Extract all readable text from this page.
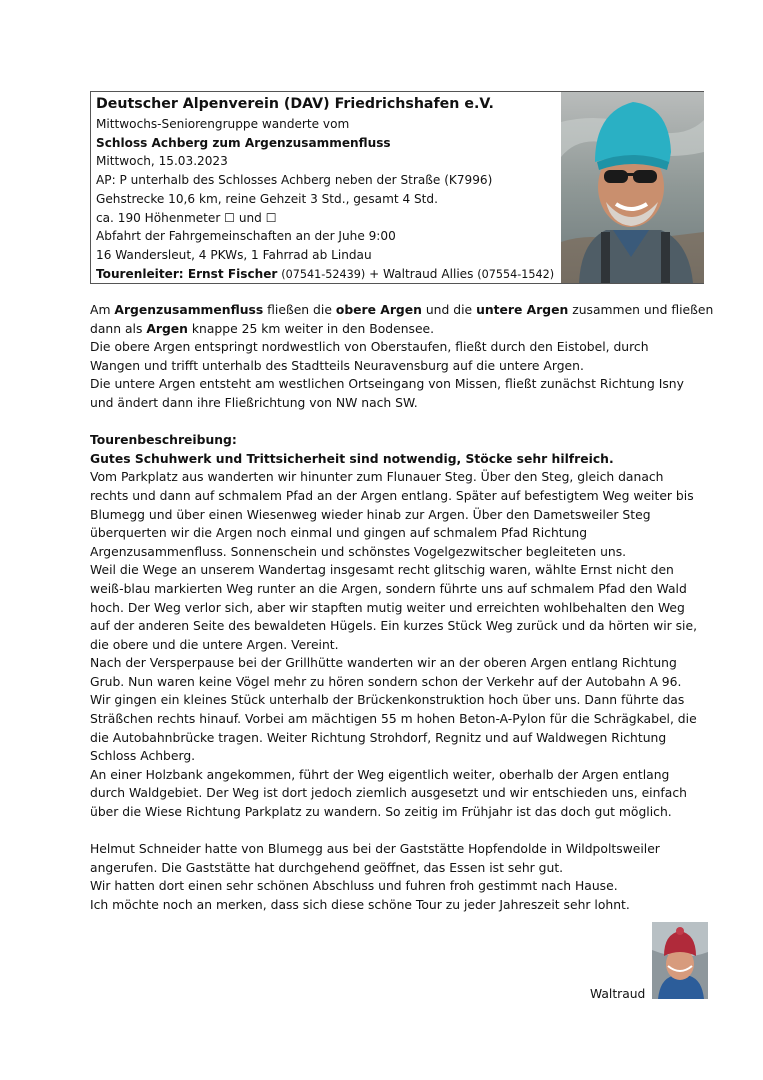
Deutscher Alpenverein (DAV) Friedrichshafen e.V.
Mittwochs-Seniorengruppe wanderte vom
Schloss Achberg zum Argenzusammenfluss
Mittwoch, 15.03.2023
AP: P unterhalb des Schlosses Achberg neben der Straße (K7996)
Gehstrecke 10,6 km, reine Gehzeit 3 Std., gesamt 4 Std.
ca. 190 Höhenmeter ☐ und ☐
Abfahrt der Fahrgemeinschaften an der Juhe 9:00
16 Wandersleut, 4 PKWs, 1 Fahrrad ab Lindau
Tourenleiter: Ernst Fischer (07541-52439) + Waltraud Allies (07554-1542)
Am Argenzusammenfluss fließen die obere Argen und die untere Argen zusammen und fließen
dann als Argen knappe 25 km weiter in den Bodensee.
Die obere Argen entspringt nordwestlich von Oberstaufen, fließt durch den Eistobel, durch
Wangen und trifft unterhalb des Stadtteils Neuravensburg auf die untere Argen.
Die untere Argen entsteht am westlichen Ortseingang von Missen, fließt zunächst Richtung Isny
und ändert dann ihre Fließrichtung von NW nach SW.
Tourenbeschreibung:
Gutes Schuhwerk und Trittsicherheit sind notwendig, Stöcke sehr hilfreich.
Vom Parkplatz aus wanderten wir hinunter zum Flunauer Steg. Über den Steg, gleich danach
rechts und dann auf schmalem Pfad an der Argen entlang. Später auf befestigtem Weg weiter bis
Blumegg und über einen Wiesenweg wieder hinab zur Argen. Über den Dametsweiler Steg
überquerten wir die Argen noch einmal und gingen auf schmalem Pfad Richtung
Argenzusammenfluss. Sonnenschein und schönstes Vogelgezwitscher begleiteten uns.
Weil die Wege an unserem Wandertag insgesamt recht glitschig waren, wählte Ernst nicht den
weiß-blau markierten Weg runter an die Argen, sondern führte uns auf schmalem Pfad den Wald
hoch. Der Weg verlor sich, aber wir stapften mutig weiter und erreichten wohlbehalten den Weg
auf der anderen Seite des bewaldeten Hügels. Ein kurzes Stück Weg zurück und da hörten wir sie,
die obere und die untere Argen. Vereint.
Nach der Versperpause bei der Grillhütte wanderten wir an der oberen Argen entlang Richtung
Grub. Nun waren keine Vögel mehr zu hören sondern schon der Verkehr auf der Autobahn A 96.
Wir gingen ein kleines Stück unterhalb der Brückenkonstruktion hoch über uns. Dann führte das
Sträßchen rechts hinauf. Vorbei am mächtigen 55 m hohen Beton-A-Pylon für die Schrägkabel, die
die Autobahnbrücke tragen. Weiter Richtung Strohdorf, Regnitz und auf Waldwegen Richtung
Schloss Achberg.
An einer Holzbank angekommen, führt der Weg eigentlich weiter, oberhalb der Argen entlang
durch Waldgebiet. Der Weg ist dort jedoch ziemlich ausgesetzt und wir entschieden uns, einfach
über die Wiese Richtung Parkplatz zu wandern. So zeitig im Frühjahr ist das doch gut möglich.
Helmut Schneider hatte von Blumegg aus bei der Gaststätte Hopfendolde in Wildpoltsweiler
angerufen. Die Gaststätte hat durchgehend geöffnet, das Essen ist sehr gut.
Wir hatten dort einen sehr schönen Abschluss und fuhren froh gestimmt nach Hause.
Ich möchte noch an merken, dass sich diese schöne Tour zu jeder Jahreszeit sehr lohnt.
Waltraud
